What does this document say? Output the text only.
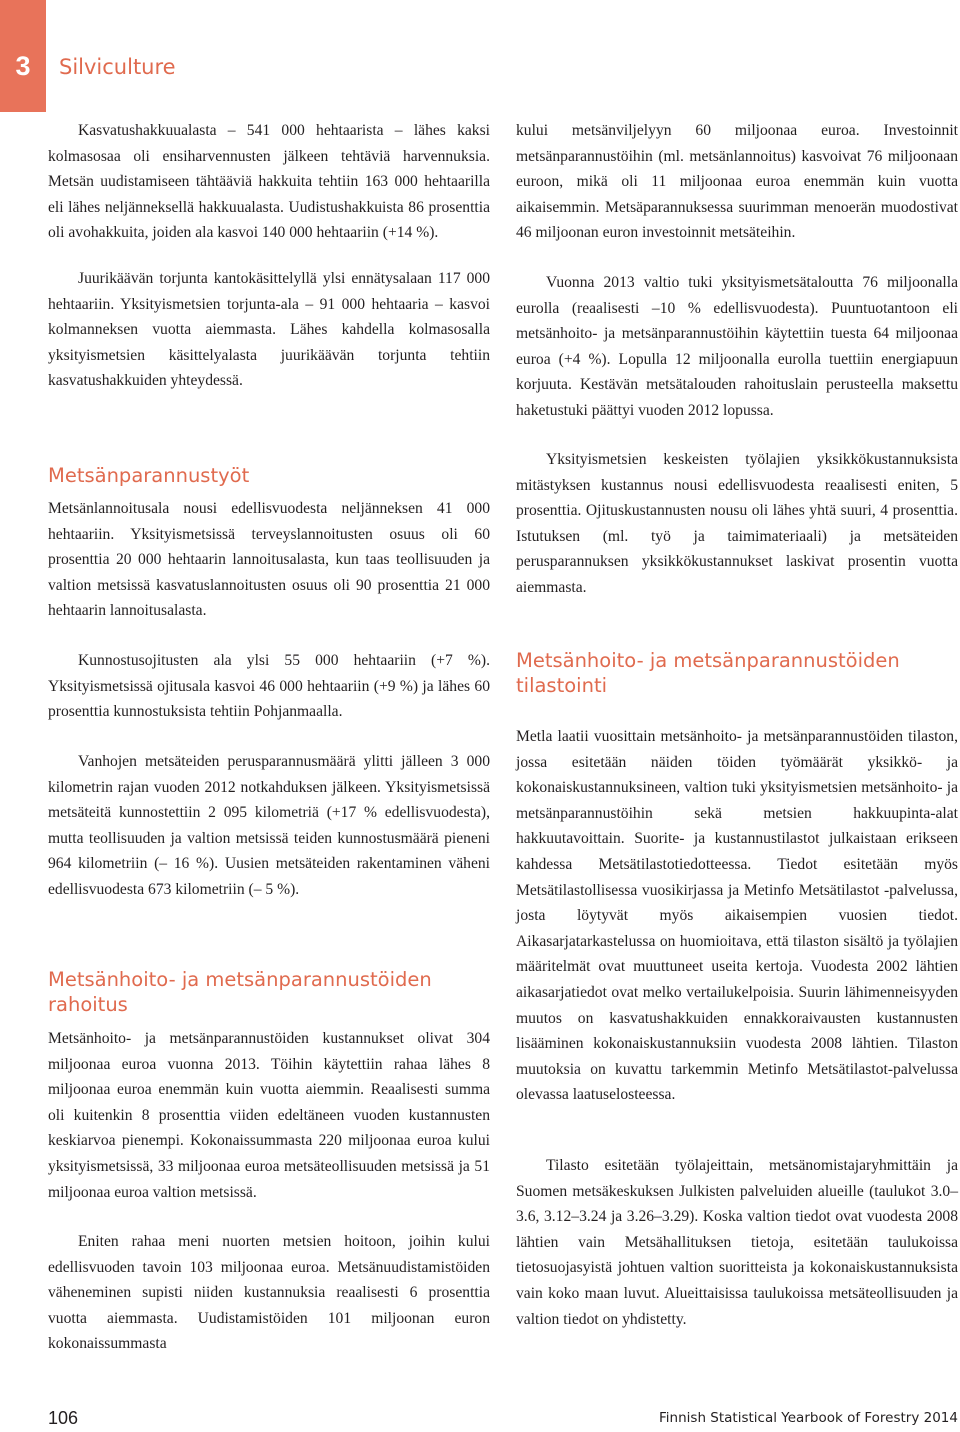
3	Silviculture

Kasvatushakkuualasta – 541 000 hehtaarista – lähes kaksi kolmasosaa oli ensiharvennusten jälkeen tehtäviä harvennuksia. Metsän uudistamiseen tähtääviä hakkuita tehtiin 163 000 hehtaarilla eli lähes neljänneksellä hakkuualasta. Uudistushakkuista 86 prosenttia oli avohakkuita, joiden ala kasvoi 140 000 hehtaariin (+14 %).

Juurikäävän torjunta kantokäsittelyllä ylsi ennätysalaan 117 000 hehtaariin. Yksityismetsien torjunta-ala – 91 000 hehtaaria – kasvoi kolmanneksen vuotta aiemmasta. Lähes kahdella kolmasosalla yksityismetsien käsittelyalasta juurikäävän torjunta tehtiin kasvatushakkuiden yhteydessä.

Metsänparannustyöt

Metsänlannoitusala nousi edellisvuodesta neljänneksen 41 000 hehtaariin. Yksityismetsissä terveyslannoitusten osuus oli 60 prosenttia 20 000 hehtaarin lannoitusalasta, kun taas teollisuuden ja valtion metsissä kasvatuslannoitusten osuus oli 90 prosenttia 21 000 hehtaarin lannoitusalasta.

Kunnostusojitusten ala ylsi 55 000 hehtaariin (+7 %). Yksityismetsissä ojitusala kasvoi 46 000 hehtaariin (+9 %) ja lähes 60 prosenttia kunnostuksista tehtiin Pohjanmaalla.

Vanhojen metsäteiden perusparannusmäärä ylitti jälleen 3 000 kilometrin rajan vuoden 2012 notkahduksen jälkeen. Yksityismetsissä metsäteitä kunnostettiin 2 095 kilometriä (+17 % edellisvuodesta), mutta teollisuuden ja valtion metsissä teiden kunnostusmäärä pieneni 964 kilometriin (– 16 %). Uusien metsäteiden rakentaminen väheni edellisvuodesta 673 kilometriin (– 5 %).

Metsänhoito- ja metsänparannustöiden rahoitus

Metsänhoito- ja metsänparannustöiden kustannukset olivat 304 miljoonaa euroa vuonna 2013. Töihin käytettiin rahaa lähes 8 miljoonaa euroa enemmän kuin vuotta aiemmin. Reaalisesti summa oli kuitenkin 8 prosenttia viiden edeltäneen vuoden kustannusten keskiarvoa pienempi. Kokonaissummasta 220 miljoonaa euroa kului yksityismetsissä, 33 miljoonaa euroa metsäteollisuuden metsissä ja 51 miljoonaa euroa valtion metsissä.

Eniten rahaa meni nuorten metsien hoitoon, joihin kului edellisvuoden tavoin 103 miljoonaa euroa. Metsänuudistamistöiden väheneminen supisti niiden kustannuksia reaalisesti 6 prosenttia vuotta aiemmasta. Uudistamistöiden 101 miljoonan euron kokonaissummasta

kului metsänviljelyyn 60 miljoonaa euroa. Investoinnit metsänparannustöihin (ml. metsänlannoitus) kasvoivat 76 miljoonaan euroon, mikä oli 11 miljoonaa euroa enemmän kuin vuotta aikaisemmin. Metsäparannuksessa suurimman menoerän muodostivat 46 miljoonan euron investoinnit metsäteihin.

Vuonna 2013 valtio tuki yksityismetsätaloutta 76 miljoonalla eurolla (reaalisesti –10 % edellisvuodesta). Puuntuotantoon eli metsänhoito- ja metsänparannustöihin käytettiin tuesta 64 miljoonaa euroa (+4 %). Lopulla 12 miljoonalla eurolla tuettiin energiapuun korjuuta. Kestävän metsätalouden rahoituslain perusteella maksettu haketustuki päättyi vuoden 2012 lopussa.

Yksityismetsien keskeisten työlajien yksikkökustannuksista mitästyksen kustannus nousi edellisvuodesta reaalisesti eniten, 5 prosenttia. Ojituskustannusten nousu oli lähes yhtä suuri, 4 prosenttia. Istutuksen (ml. työ ja taimimateriaali) ja metsäteiden perusparannuksen yksikkökustannukset laskivat prosentin vuotta aiemmasta.

Metsänhoito- ja metsänparannustöiden tilastointi

Metla laatii vuosittain metsänhoito- ja metsänparannustöiden tilaston, jossa esitetään näiden töiden työmäärät yksikkö- ja kokonaiskustannuksineen, valtion tuki yksityismetsien metsänhoito- ja metsänparannustöihin sekä metsien hakkuupinta-alat hakkuutavoittain. Suorite- ja kustannustilastot julkaistaan erikseen kahdessa Metsätilastotiedotteessa. Tiedot esitetään myös Metsätilastollisessa vuosikirjassa ja Metinfo Metsätilastot -palvelussa, josta löytyvät myös aikaisempien vuosien tiedot. Aikasarjatarkastelussa on huomioitava, että tilaston sisältö ja työlajien määritelmät ovat muuttuneet useita kertoja. Vuodesta 2002 lähtien aikasarjatiedot ovat melko vertailukelpoisia. Suurin lähimenneisyyden muutos on kasvatushakkuiden ennakkoraivausten kustannusten lisääminen kokonaiskustannuksiin vuodesta 2008 lähtien. Tilaston muutoksia on kuvattu tarkemmin Metinfo Metsätilastot-palvelussa olevassa laatuselosteessa.

Tilasto esitetään työlajeittain, metsänomistajaryhmittäin ja Suomen metsäkeskuksen Julkisten palveluiden alueille (taulukot 3.0–3.6, 3.12–3.24 ja 3.26–3.29). Koska valtion tiedot ovat vuodesta 2008 lähtien vain Metsähallituksen tietoja, esitetään taulukoissa tietosuojasyistä johtuen valtion suoritteista ja kokonaiskustannuksista vain koko maan luvut. Alueittaisissa taulukoissa metsäteollisuuden ja valtion tiedot on yhdistetty.

106	Finnish Statistical Yearbook of Forestry 2014
